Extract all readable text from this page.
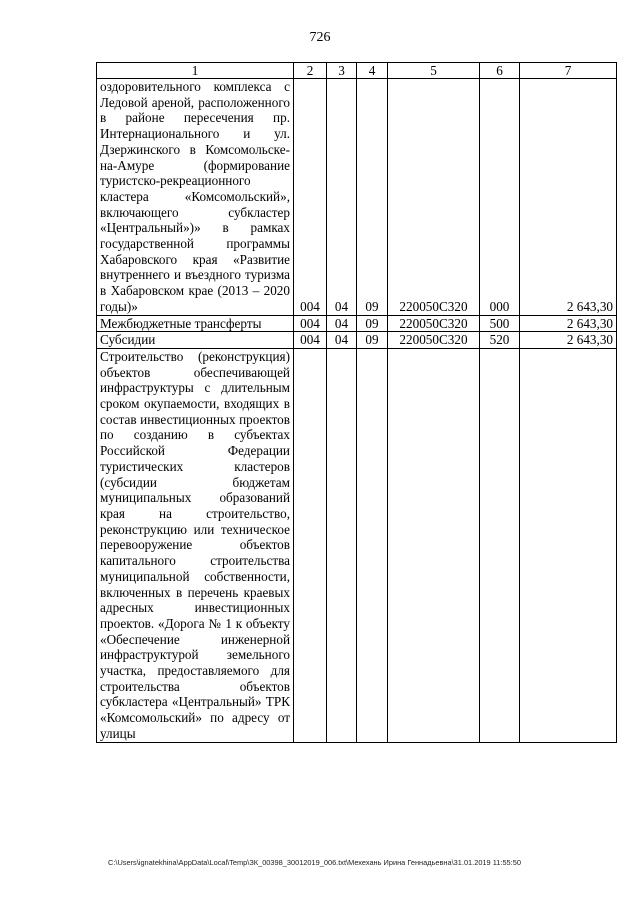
726
1	2	3	4	5	6	7
оздоровительного комплекса с Ледовой ареной, расположенного в районе пересечения пр. Интернационального и ул. Дзержинского в Комсомольске-на-Амуре (формирование туристско-рекреационного кластера «Комсомольский», включающего субкластер «Центральный»)» в рамках государственной программы Хабаровского края «Развитие внутреннего и въездного туризма в Хабаровском крае (2013 – 2020 годы)»	004	04	09	220050С320	000	2 643,30
Межбюджетные трансферты	004	04	09	220050С320	500	2 643,30
Субсидии	004	04	09	220050С320	520	2 643,30
Строительство (реконструкция) объектов обеспечивающей инфраструктуры с длительным сроком окупаемости, входящих в состав инвестиционных проектов по созданию в субъектах Российской Федерации туристических кластеров (субсидии бюджетам муниципальных образований края на строительство, реконструкцию или техническое перевооружение объектов капитального строительства муниципальной собственности, включенных в перечень краевых адресных инвестиционных проектов. «Дорога № 1 к объекту «Обеспечение инженерной инфраструктурой земельного участка, предоставляемого для строительства объектов субкластера «Центральный» ТРК «Комсомольский» по адресу от улицы						
C:\Users\ignatekhina\AppData\Local\Temp\ЗК_00398_30012019_006.txt\Мехехань Ирина Геннадьевна\31.01.2019 11:55:50
